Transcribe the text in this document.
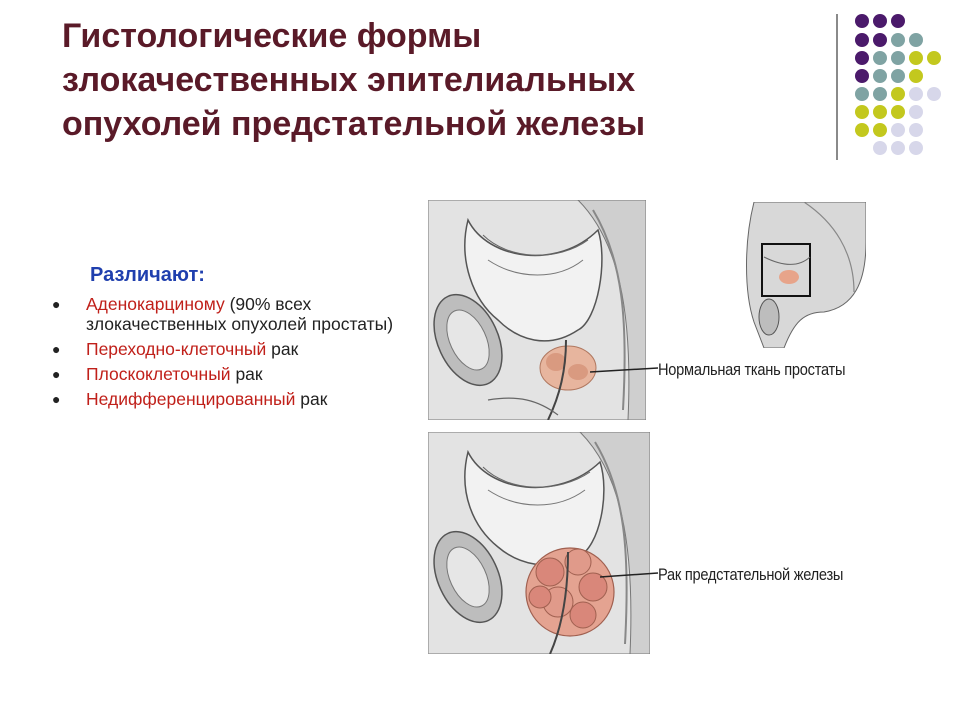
Гистологические формы
злокачественных эпителиальных
опухолей предстательной железы

Различают:

● Аденокарциному (90% всех злокачественных опухолей простаты)
● Переходно-клеточный рак
● Плоскоклеточный рак
● Недифференцированный рак
Нормальная ткань простаты
Рак предстательной железы
